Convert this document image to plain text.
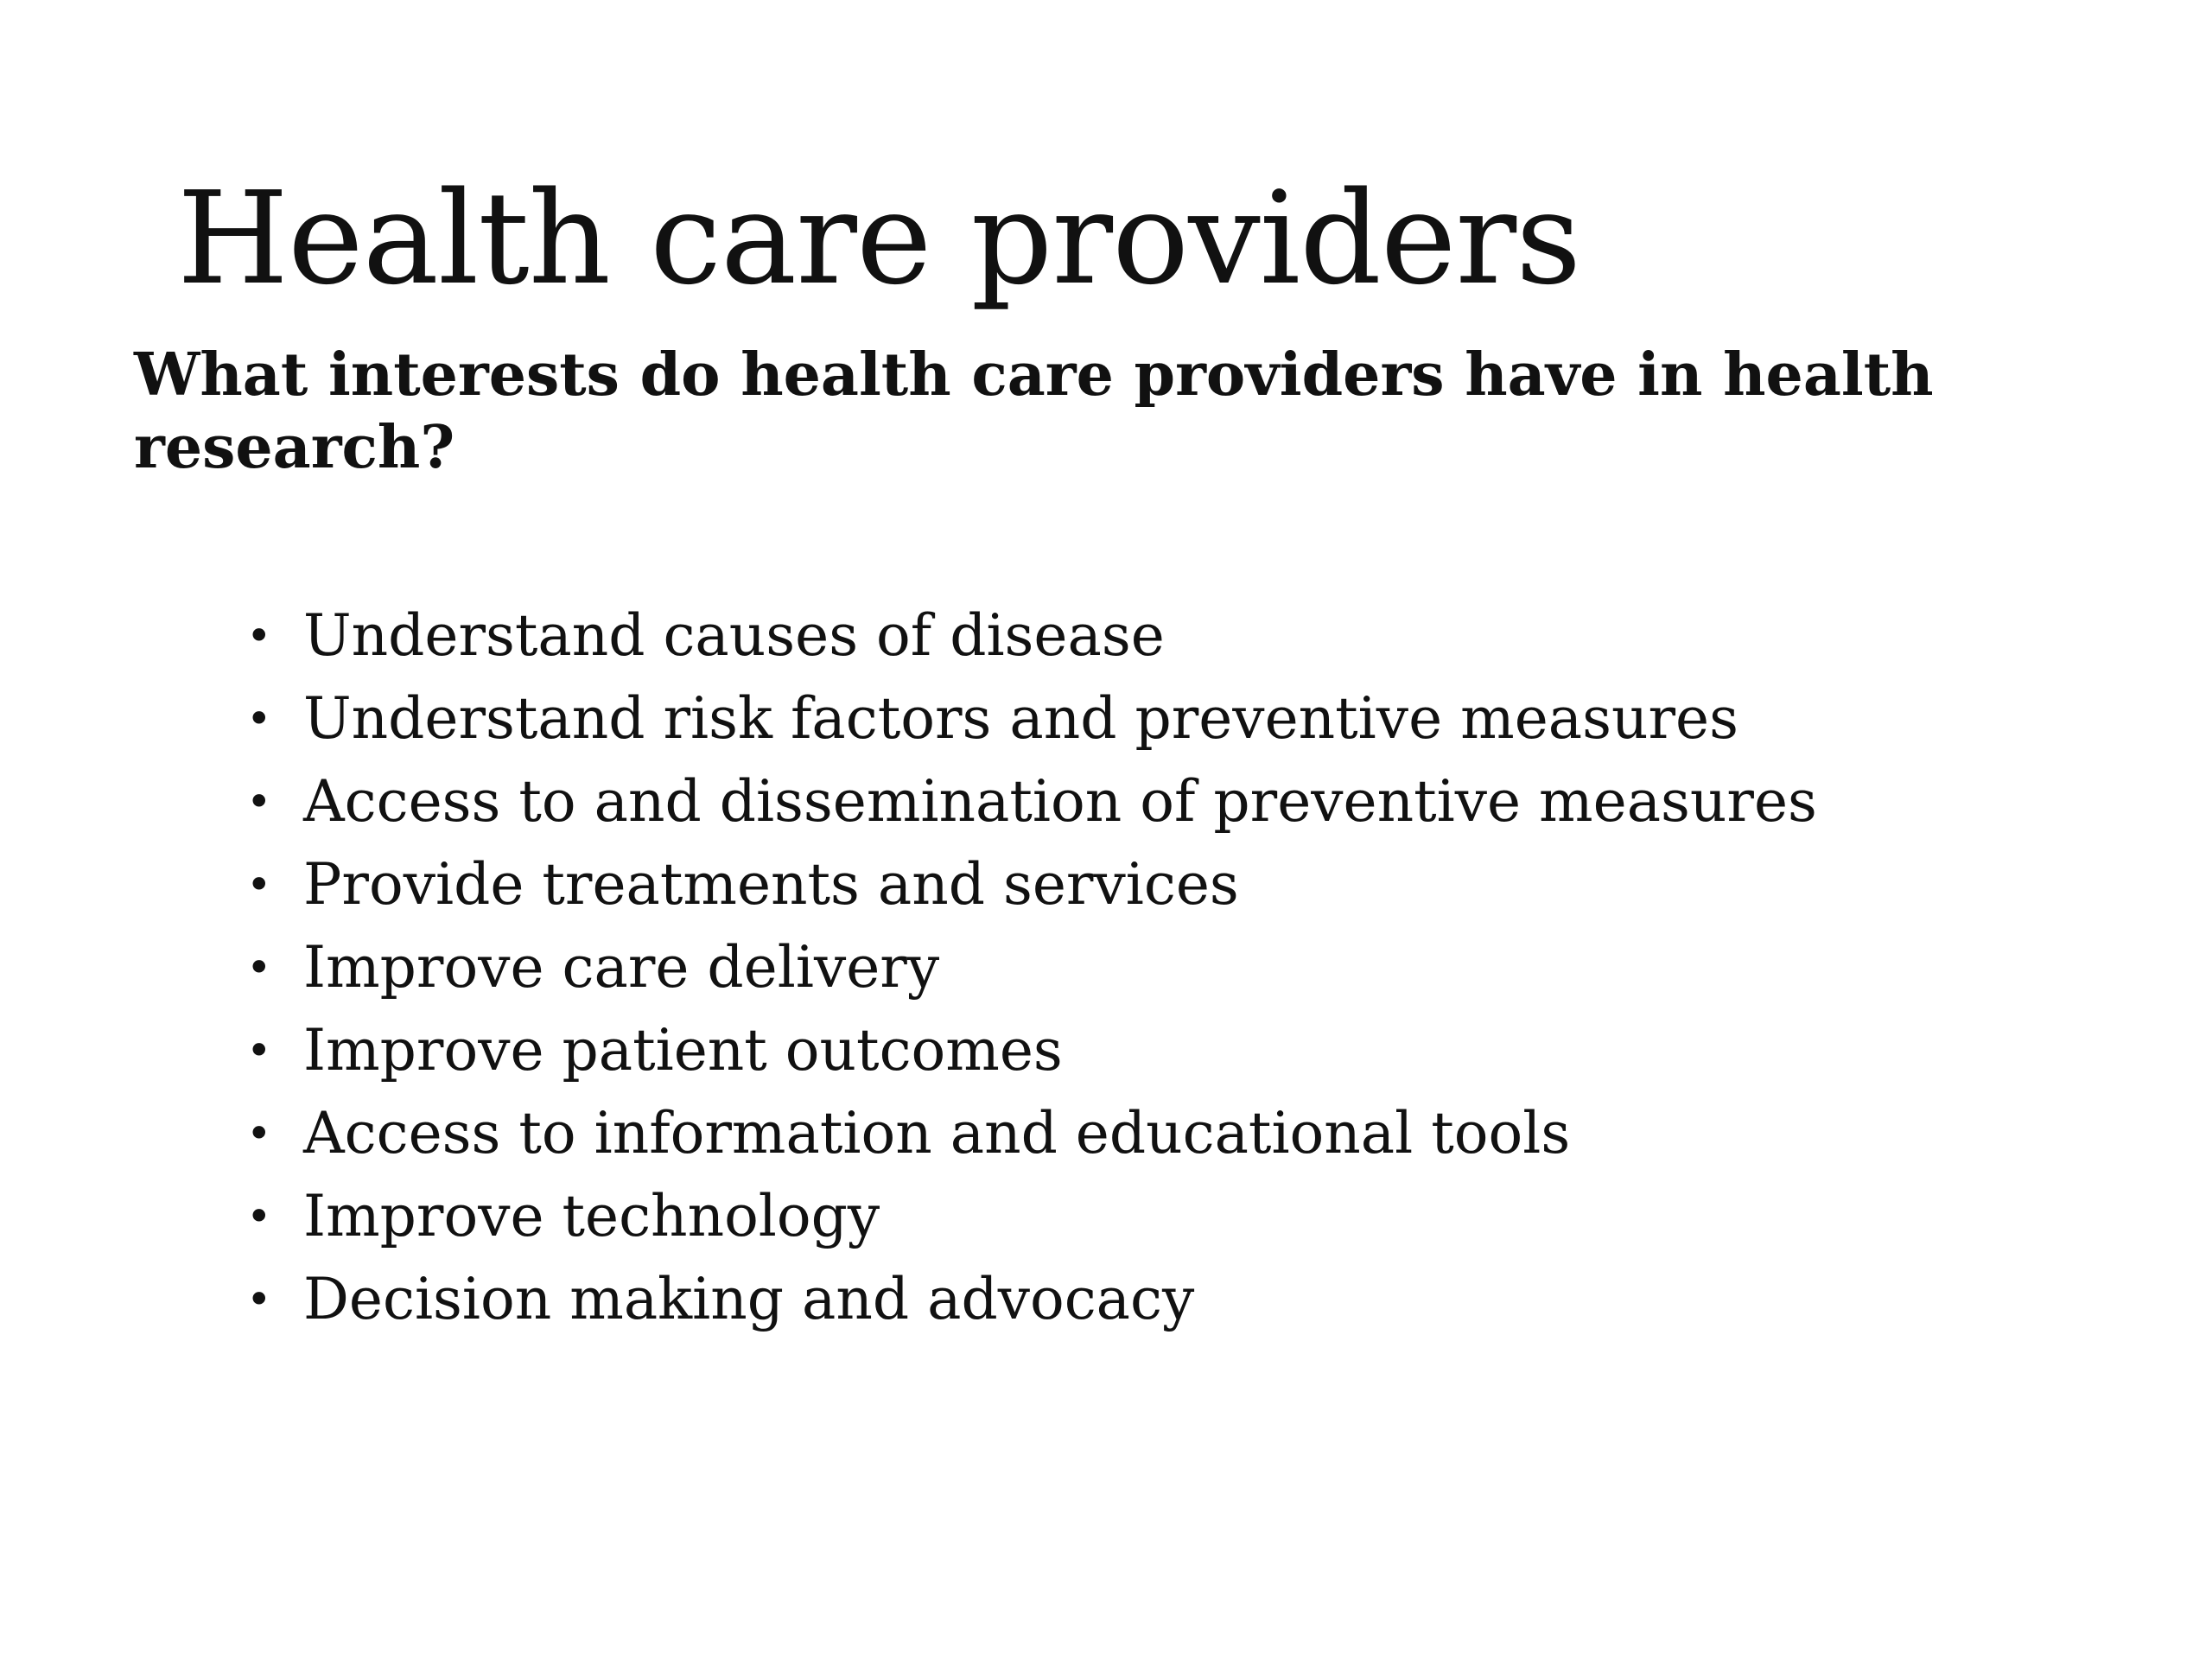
Health care providers
What interests do health care providers have in health research?
• Understand causes of disease
• Understand risk factors and preventive measures
• Access to and dissemination of preventive measures
• Provide treatments and services
• Improve care delivery
• Improve patient outcomes
• Access to information and educational tools
• Improve technology
• Decision making and advocacy
